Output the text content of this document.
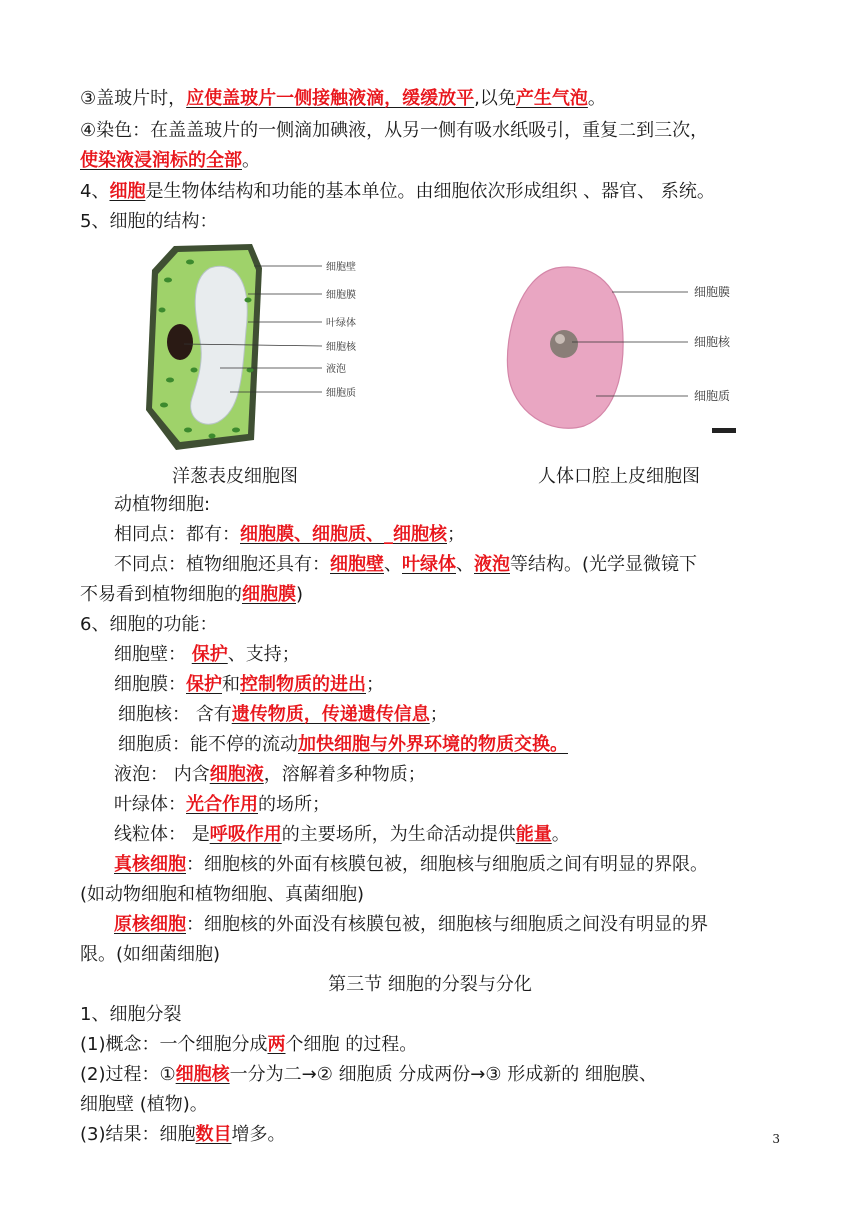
③盖玻片时，应使盖玻片一侧接触液滴，缓缓放平,以免产生气泡。
④染色：在盖盖玻片的一侧滴加碘液，从另一侧有吸水纸吸引，重复二到三次，
使染液浸润标的全部。
4、细胞是生物体结构和功能的基本单位。由细胞依次形成组织 、器官、 系统。
5、细胞的结构：
细胞壁
细胞膜
叶绿体
细胞核
液泡
细胞质
细胞膜
细胞核
细胞质
洋葱表皮细胞图	人体口腔上皮细胞图
动植物细胞:
相同点：都有：细胞膜、细胞质、_细胞核；
不同点：植物细胞还具有：细胞壁、叶绿体、液泡等结构。(光学显微镜下
不易看到植物细胞的细胞膜)
6、细胞的功能：
细胞壁： 保护、支持；
细胞膜：保护和控制物质的进出；
细胞核： 含有遗传物质，传递遗传信息；
细胞质：能不停的流动加快细胞与外界环境的物质交换。
液泡： 内含细胞液，溶解着多种物质；
叶绿体：光合作用的场所；
线粒体： 是呼吸作用的主要场所，为生命活动提供能量。
真核细胞：细胞核的外面有核膜包被，细胞核与细胞质之间有明显的界限。
(如动物细胞和植物细胞、真菌细胞)
原核细胞：细胞核的外面没有核膜包被，细胞核与细胞质之间没有明显的界
限。(如细菌细胞)
第三节 细胞的分裂与分化
1、细胞分裂
(1)概念：一个细胞分成两个细胞 的过程。
(2)过程：①细胞核一分为二→② 细胞质 分成两份→③ 形成新的 细胞膜、
细胞壁 (植物)。
(3)结果：细胞数目增多。	3
